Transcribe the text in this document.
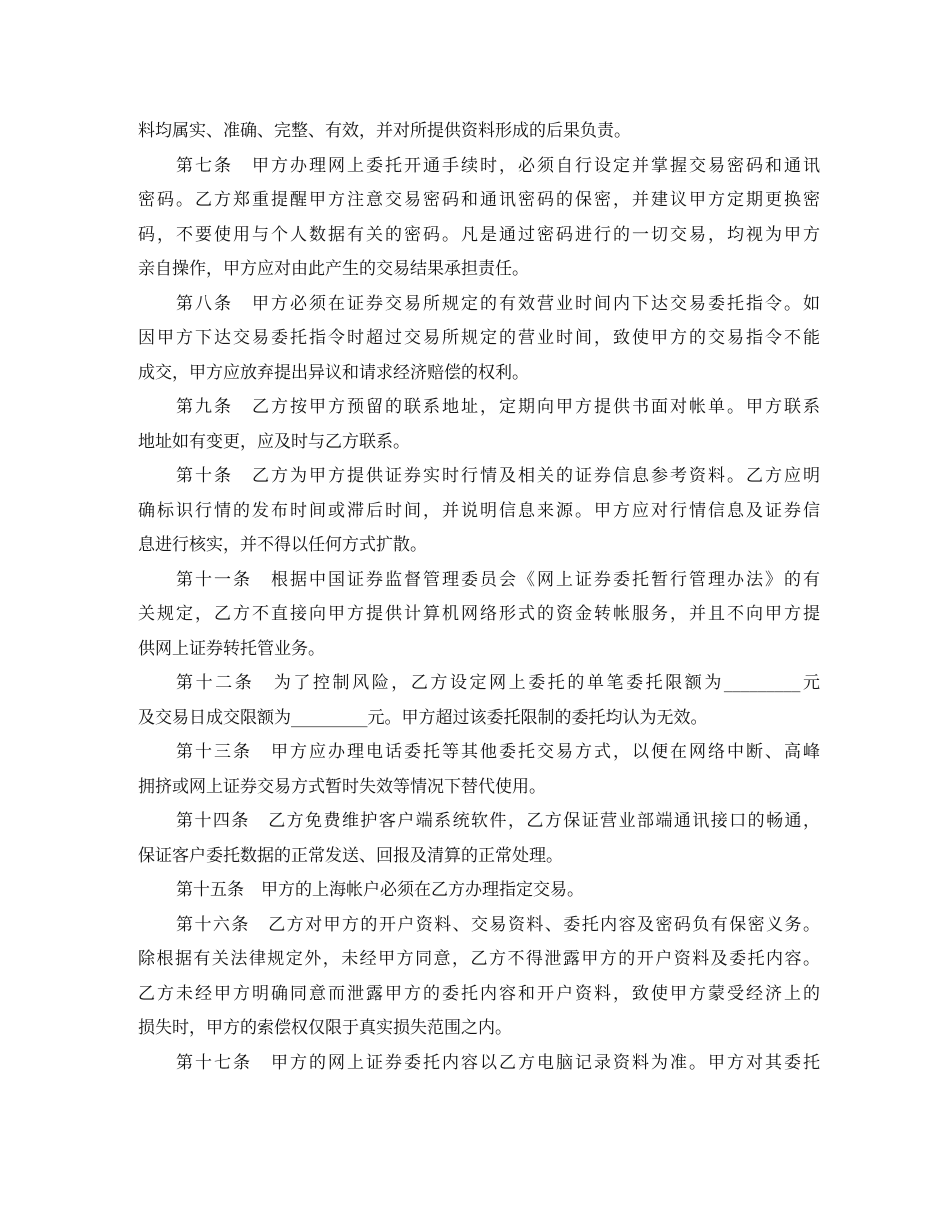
料均属实、准确、完整、有效，并对所提供资料形成的后果负责。
第七条　甲方办理网上委托开通手续时，必须自行设定并掌握交易密码和通讯
密码。乙方郑重提醒甲方注意交易密码和通讯密码的保密，并建议甲方定期更换密
码，不要使用与个人数据有关的密码。凡是通过密码进行的一切交易，均视为甲方
亲自操作，甲方应对由此产生的交易结果承担责任。
第八条　甲方必须在证券交易所规定的有效营业时间内下达交易委托指令。如
因甲方下达交易委托指令时超过交易所规定的营业时间，致使甲方的交易指令不能
成交，甲方应放弃提出异议和请求经济赔偿的权利。
第九条　乙方按甲方预留的联系地址，定期向甲方提供书面对帐单。甲方联系
地址如有变更，应及时与乙方联系。
第十条　乙方为甲方提供证券实时行情及相关的证券信息参考资料。乙方应明
确标识行情的发布时间或滞后时间，并说明信息来源。甲方应对行情信息及证券信
息进行核实，并不得以任何方式扩散。
第十一条　根据中国证券监督管理委员会《网上证券委托暂行管理办法》的有
关规定，乙方不直接向甲方提供计算机网络形式的资金转帐服务，并且不向甲方提
供网上证券转托管业务。
第十二条　为了控制风险，乙方设定网上委托的单笔委托限额为_________元
及交易日成交限额为_________元。甲方超过该委托限制的委托均认为无效。
第十三条　甲方应办理电话委托等其他委托交易方式，以便在网络中断、高峰
拥挤或网上证券交易方式暂时失效等情况下替代使用。
第十四条　乙方免费维护客户端系统软件，乙方保证营业部端通讯接口的畅通，
保证客户委托数据的正常发送、回报及清算的正常处理。
第十五条　甲方的上海帐户必须在乙方办理指定交易。
第十六条　乙方对甲方的开户资料、交易资料、委托内容及密码负有保密义务。
除根据有关法律规定外，未经甲方同意，乙方不得泄露甲方的开户资料及委托内容。
乙方未经甲方明确同意而泄露甲方的委托内容和开户资料，致使甲方蒙受经济上的
损失时，甲方的索偿权仅限于真实损失范围之内。
第十七条　甲方的网上证券委托内容以乙方电脑记录资料为准。甲方对其委托
